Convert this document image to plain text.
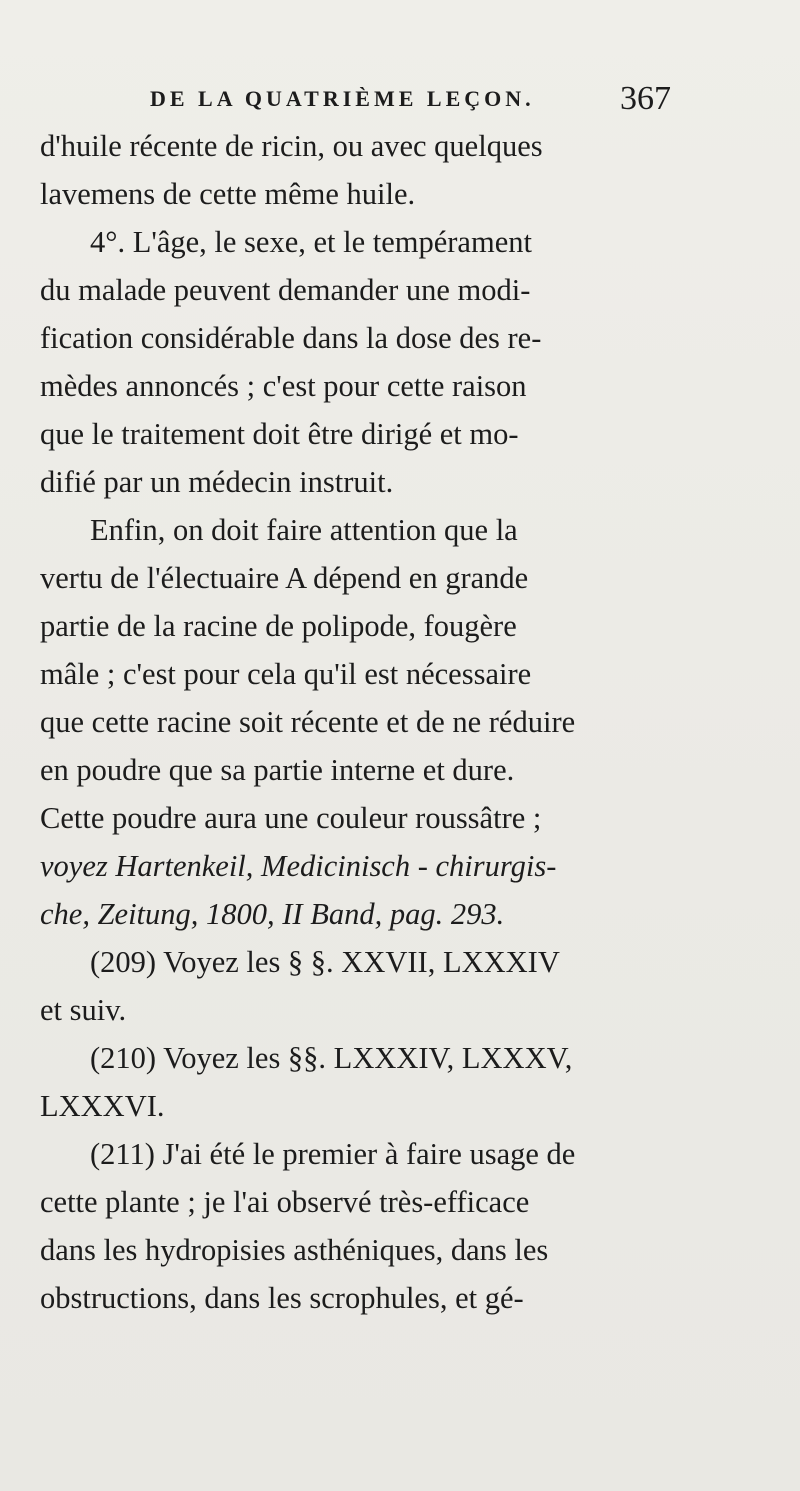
DE LA QUATRIÈME LEÇON.	367
d'huile récente de ricin, ou avec quelques
lavemens de cette même huile.
4°. L'âge, le sexe, et le tempérament
du malade peuvent demander une modi-
fication considérable dans la dose des re-
mèdes annoncés ; c'est pour cette raison
que le traitement doit être dirigé et mo-
difié par un médecin instruit.
Enfin, on doit faire attention que la
vertu de l'électuaire A dépend en grande
partie de la racine de polipode, fougère
mâle ; c'est pour cela qu'il est nécessaire
que cette racine soit récente et de ne réduire
en poudre que sa partie interne et dure.
Cette poudre aura une couleur roussâtre ;
voyez Hartenkeil, Medicinisch - chirurgis-
che, Zeitung, 1800, II Band, pag. 293.
(209) Voyez les § §. XXVII, LXXXIV
et suiv.
(210) Voyez les §§. LXXXIV, LXXXV,
LXXXVI.
(211) J'ai été le premier à faire usage de
cette plante ; je l'ai observé très-efficace
dans les hydropisies asthéniques, dans les
obstructions, dans les scrophules, et gé-
